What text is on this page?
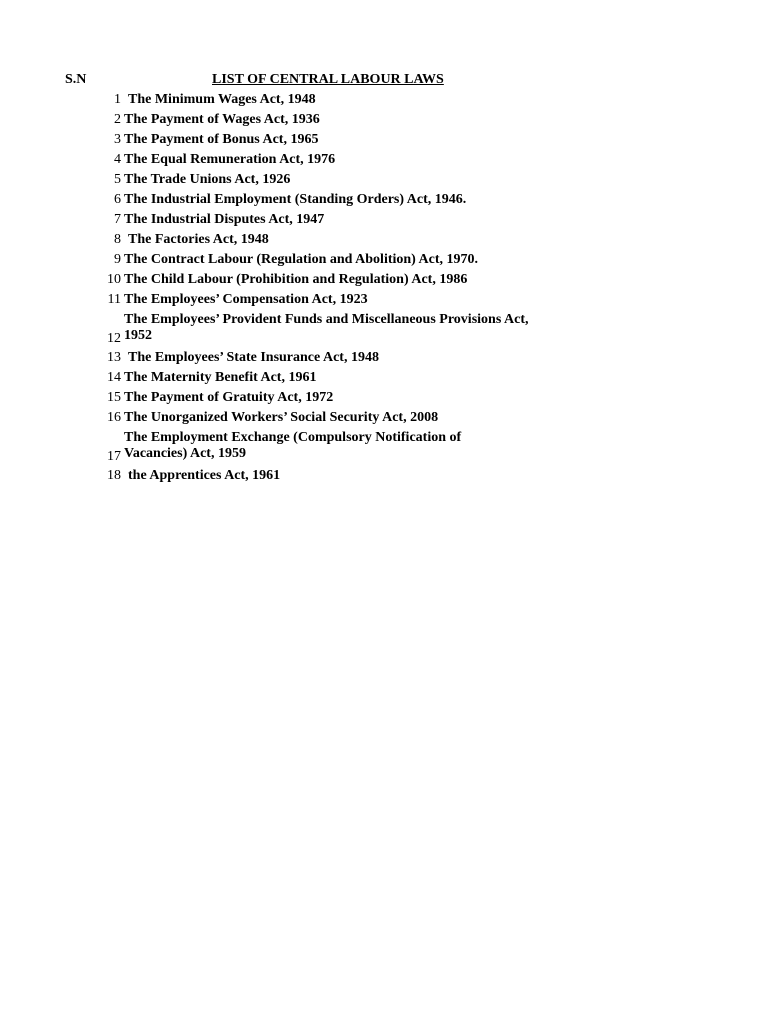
S.N	LIST OF CENTRAL LABOUR LAWS
1 The Minimum Wages Act, 1948
2 The Payment of Wages Act, 1936
3 The Payment of Bonus Act, 1965
4 The Equal Remuneration Act, 1976
5 The Trade Unions Act, 1926
6 The Industrial Employment (Standing Orders) Act, 1946.
7 The Industrial Disputes Act, 1947
8 The Factories Act, 1948
9 The Contract Labour (Regulation and Abolition) Act, 1970.
10 The Child Labour (Prohibition and Regulation) Act, 1986
11 The Employees’ Compensation Act, 1923
12
The Employees’ Provident Funds and Miscellaneous Provisions Act, 1952
13 The Employees’ State Insurance Act, 1948
14 The Maternity Benefit Act, 1961
15 The Payment of Gratuity Act, 1972
16 The Unorganized Workers’ Social Security Act, 2008
17
The Employment Exchange (Compulsory Notification of Vacancies) Act, 1959
18 the Apprentices Act, 1961
